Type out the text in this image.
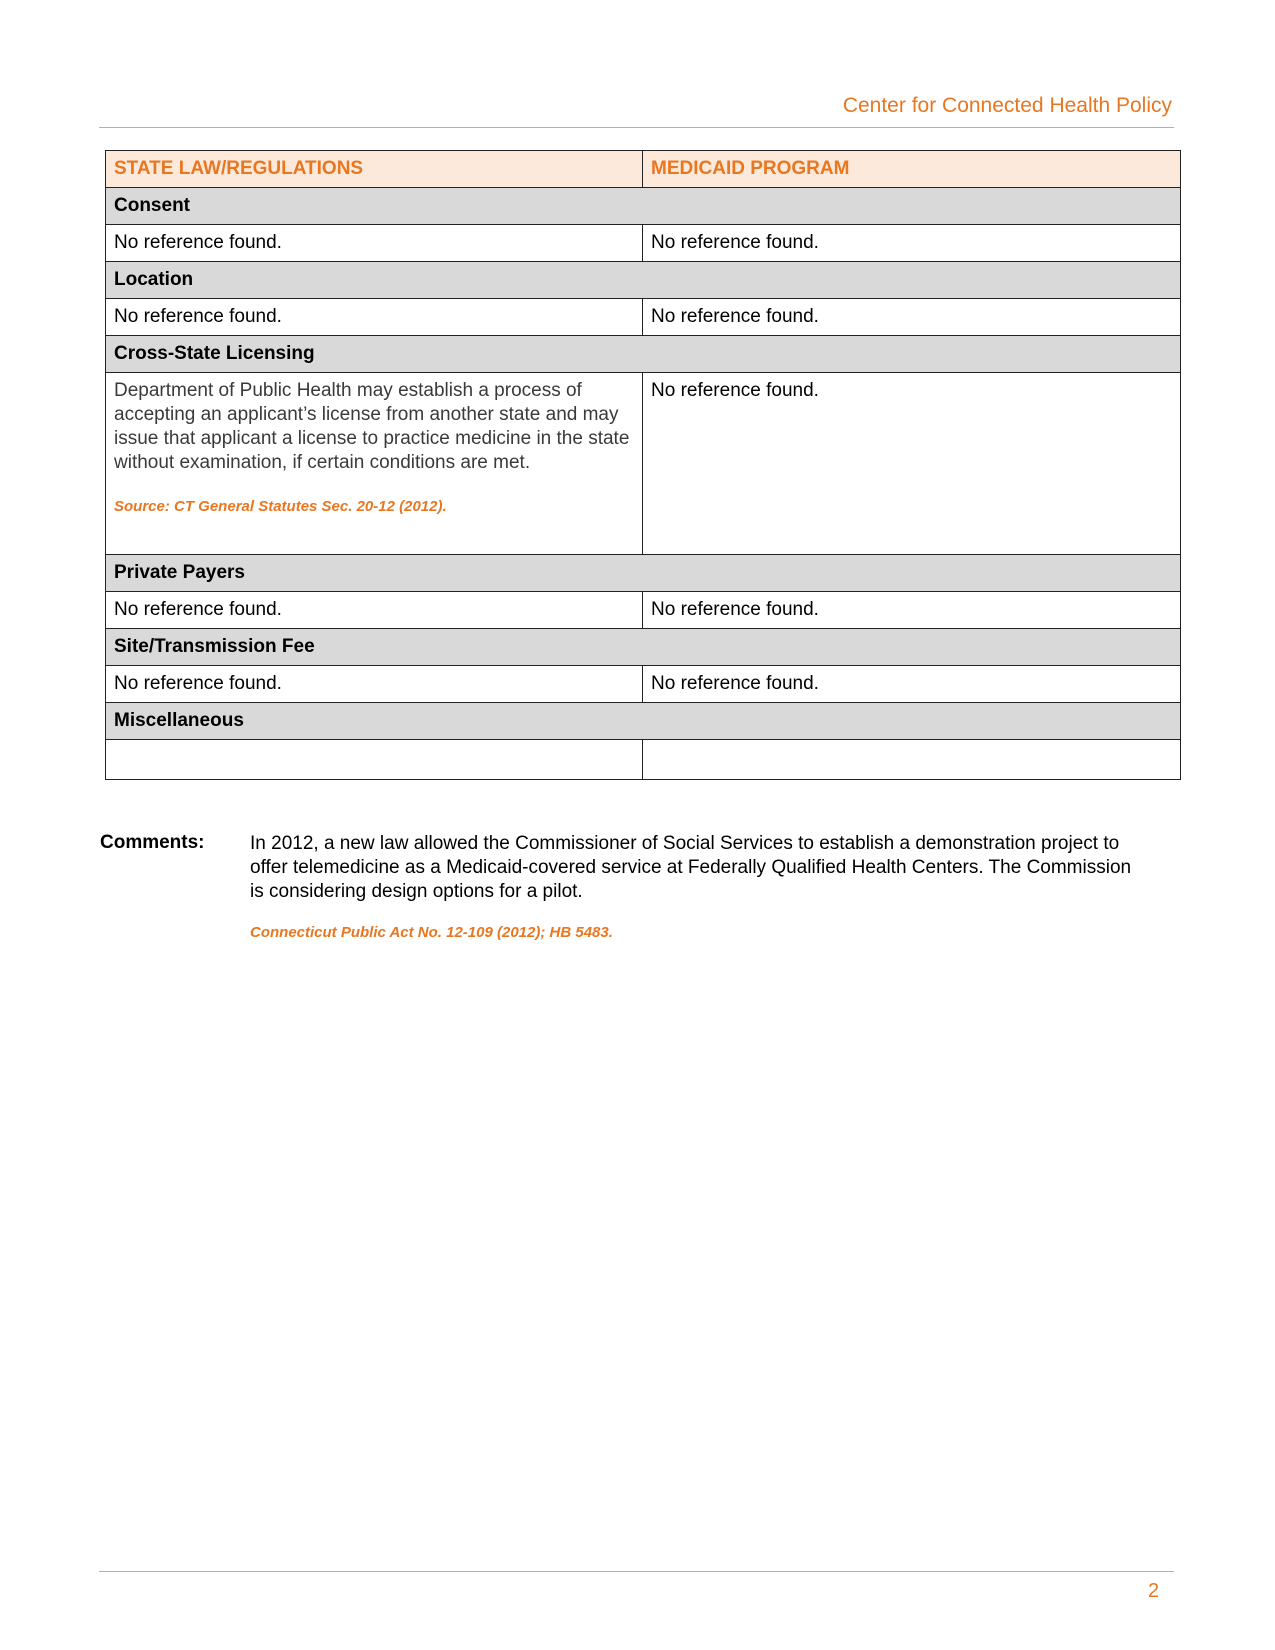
Center for Connected Health Policy
STATE LAW/REGULATIONS	MEDICAID PROGRAM
Consent	
No reference found.	No reference found.
Location	
No reference found.	No reference found.
Cross-State Licensing	
Department of Public Health may establish a process of accepting an applicant’s license from another state and may issue that applicant a license to practice medicine in the state without examination, if certain conditions are met.
Source: CT General Statutes Sec. 20-12 (2012).	No reference found.
Private Payers	
No reference found.	No reference found.
Site/Transmission Fee	
No reference found.	No reference found.
Miscellaneous	

Comments: In 2012, a new law allowed the Commissioner of Social Services to establish a demonstration project to offer telemedicine as a Medicaid-covered service at Federally Qualified Health Centers. The Commission is considering design options for a pilot.
Connecticut Public Act No. 12-109 (2012); HB 5483.
2
